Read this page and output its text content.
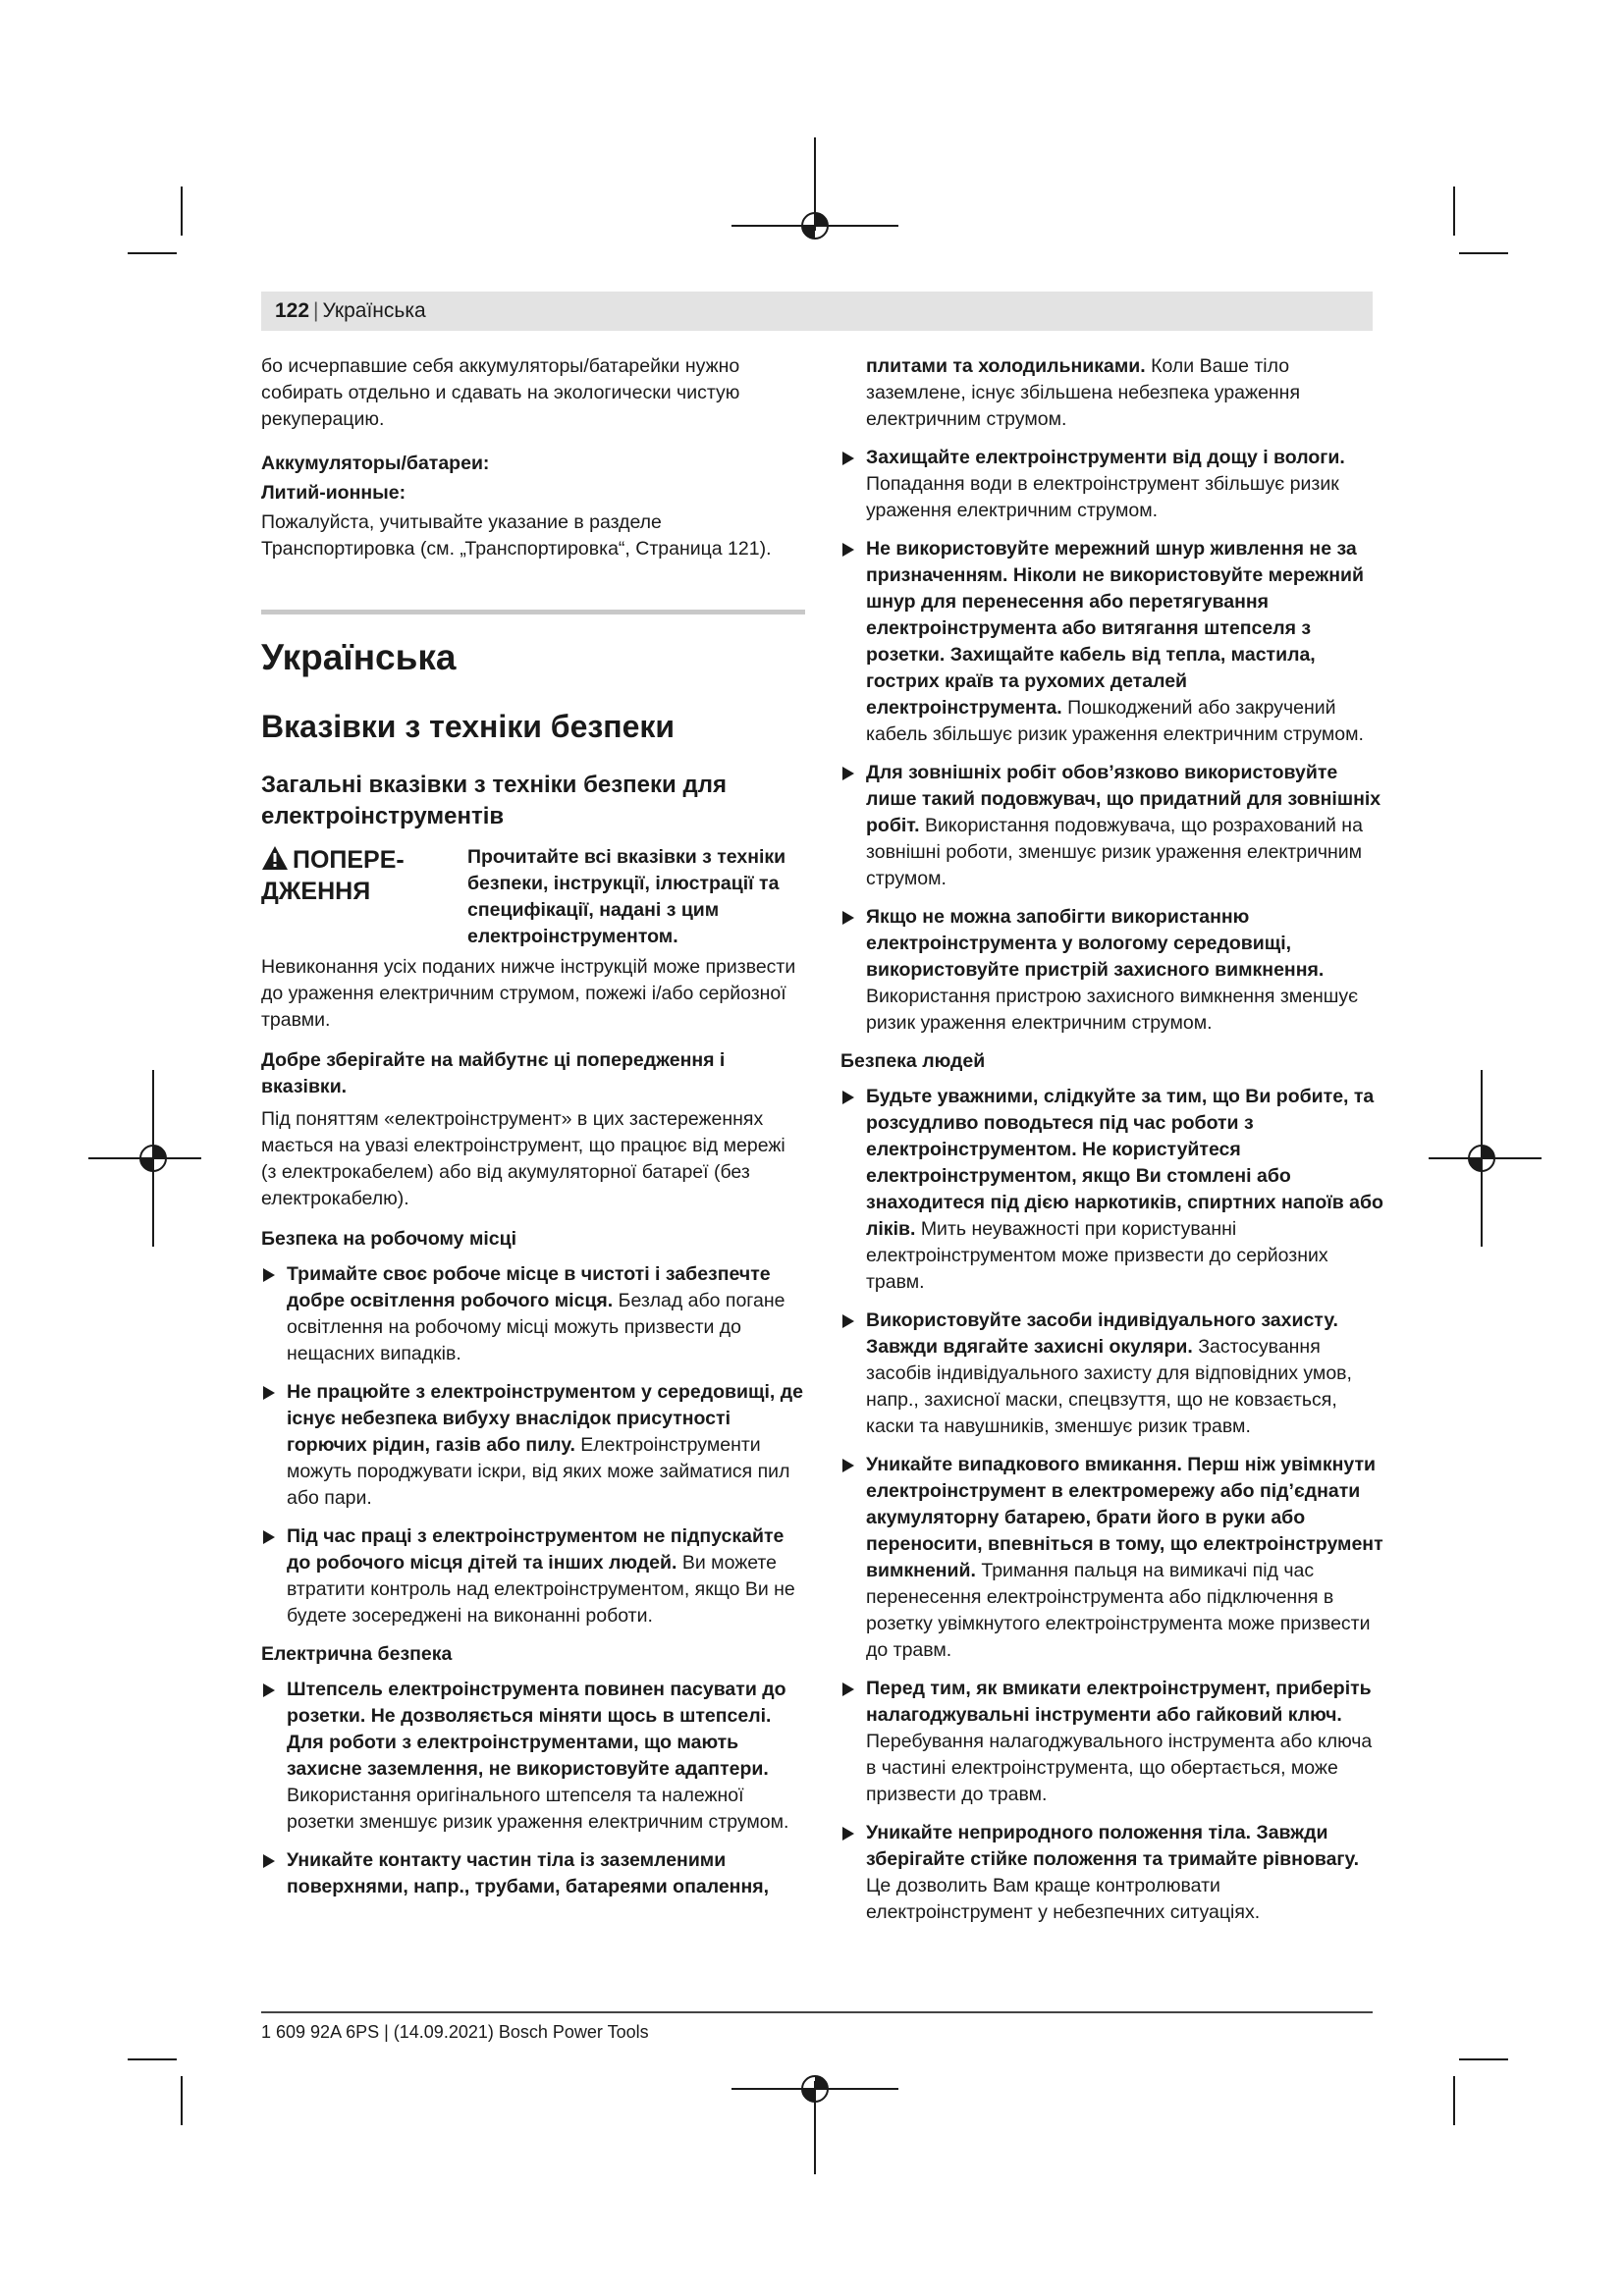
122 | Українська

бо исчерпавшие себя аккумуляторы/батарейки нужно собирать отдельно и сдавать на экологически чистую рекуперацию.

Аккумуляторы/батареи:

Литий-ионные:

Пожалуйста, учитывайте указание в разделе Транспортировка (см. „Транспортировка“, Страница 121).

Українська
Вказівки з техніки безпеки
Загальні вказівки з техніки безпеки для електроінструментів
ПОПЕРЕ-ДЖЕННЯ

Прочитайте всі вказівки з техніки безпеки, інструкції, ілюстрації та специфікації, надані з цим електроінструментом.

Невиконання усіх поданих нижче інструкцій може призвести до ураження електричним струмом, пожежі і/або серйозної травми.

Добре зберігайте на майбутнє ці попередження і вказівки.

Під поняттям «електроінструмент» в цих застереженнях мається на увазі електроінструмент, що працює від мережі (з електрокабелем) або від акумуляторної батареї (без електрокабелю).

Безпека на робочому місці

Тримайте своє робоче місце в чистоті і забезпечте добре освітлення робочого місця. Безлад або погане освітлення на робочому місці можуть призвести до нещасних випадків.
Не працюйте з електроінструментом у середовищі, де існує небезпека вибуху внаслідок присутності горючих рідин, газів або пилу. Електроінструменти можуть породжувати іскри, від яких може займатися пил або пари.
Під час праці з електроінструментом не підпускайте до робочого місця дітей та інших людей. Ви можете втратити контроль над електроінструментом, якщо Ви не будете зосереджені на виконанні роботи.

Електрична безпека

Штепсель електроінструмента повинен пасувати до розетки. Не дозволяється міняти щось в штепселі. Для роботи з електроінструментами, що мають захисне заземлення, не використовуйте адаптери. Використання оригінального штепселя та належної розетки зменшує ризик ураження електричним струмом.
Уникайте контакту частин тіла із заземленими поверхнями, напр., трубами, батареями опалення,

плитами та холодильниками. Коли Ваше тіло заземлене, існує збільшена небезпека ураження електричним струмом.

Захищайте електроінструменти від дощу і вологи. Попадання води в електроінструмент збільшує ризик ураження електричним струмом.
Не використовуйте мережний шнур живлення не за призначенням. Ніколи не використовуйте мережний шнур для перенесення або перетягування електроінструмента або витягання штепселя з розетки. Захищайте кабель від тепла, мастила, гострих країв та рухомих деталей електроінструмента. Пошкоджений або закручений кабель збільшує ризик ураження електричним струмом.
Для зовнішніх робіт обов’язково використовуйте лише такий подовжувач, що придатний для зовнішніх робіт. Використання подовжувача, що розрахований на зовнішні роботи, зменшує ризик ураження електричним струмом.
Якщо не можна запобігти використанню електроінструмента у вологому середовищі, використовуйте пристрій захисного вимкнення. Використання пристрою захисного вимкнення зменшує ризик ураження електричним струмом.

Безпека людей

Будьте уважними, слідкуйте за тим, що Ви робите, та розсудливо поводьтеся під час роботи з електроінструментом. Не користуйтеся електроінструментом, якщо Ви стомлені або знаходитеся під дією наркотиків, спиртних напоїв або ліків. Мить неуважності при користуванні електроінструментом може призвести до серйозних травм.
Використовуйте засоби індивідуального захисту. Завжди вдягайте захисні окуляри. Застосування засобів індивідуального захисту для відповідних умов, напр., захисної маски, спецвзуття, що не ковзається, каски та навушників, зменшує ризик травм.
Уникайте випадкового вмикання. Перш ніж увімкнути електроінструмент в електромережу або під’єднати акумуляторну батарею, брати його в руки або переносити, впевніться в тому, що електроінструмент вимкнений. Тримання пальця на вимикачі під час перенесення електроінструмента або підключення в розетку увімкнутого електроінструмента може призвести до травм.
Перед тим, як вмикати електроінструмент, приберіть налагоджувальні інструменти або гайковий ключ. Перебування налагоджувального інструмента або ключа в частині електроінструмента, що обертається, може призвести до травм.
Уникайте неприродного положення тіла. Завжди зберігайте стійке положення та тримайте рівновагу. Це дозволить Вам краще контролювати електроінструмент у небезпечних ситуаціях.
1 609 92A 6PS | (14.09.2021) Bosch Power Tools
